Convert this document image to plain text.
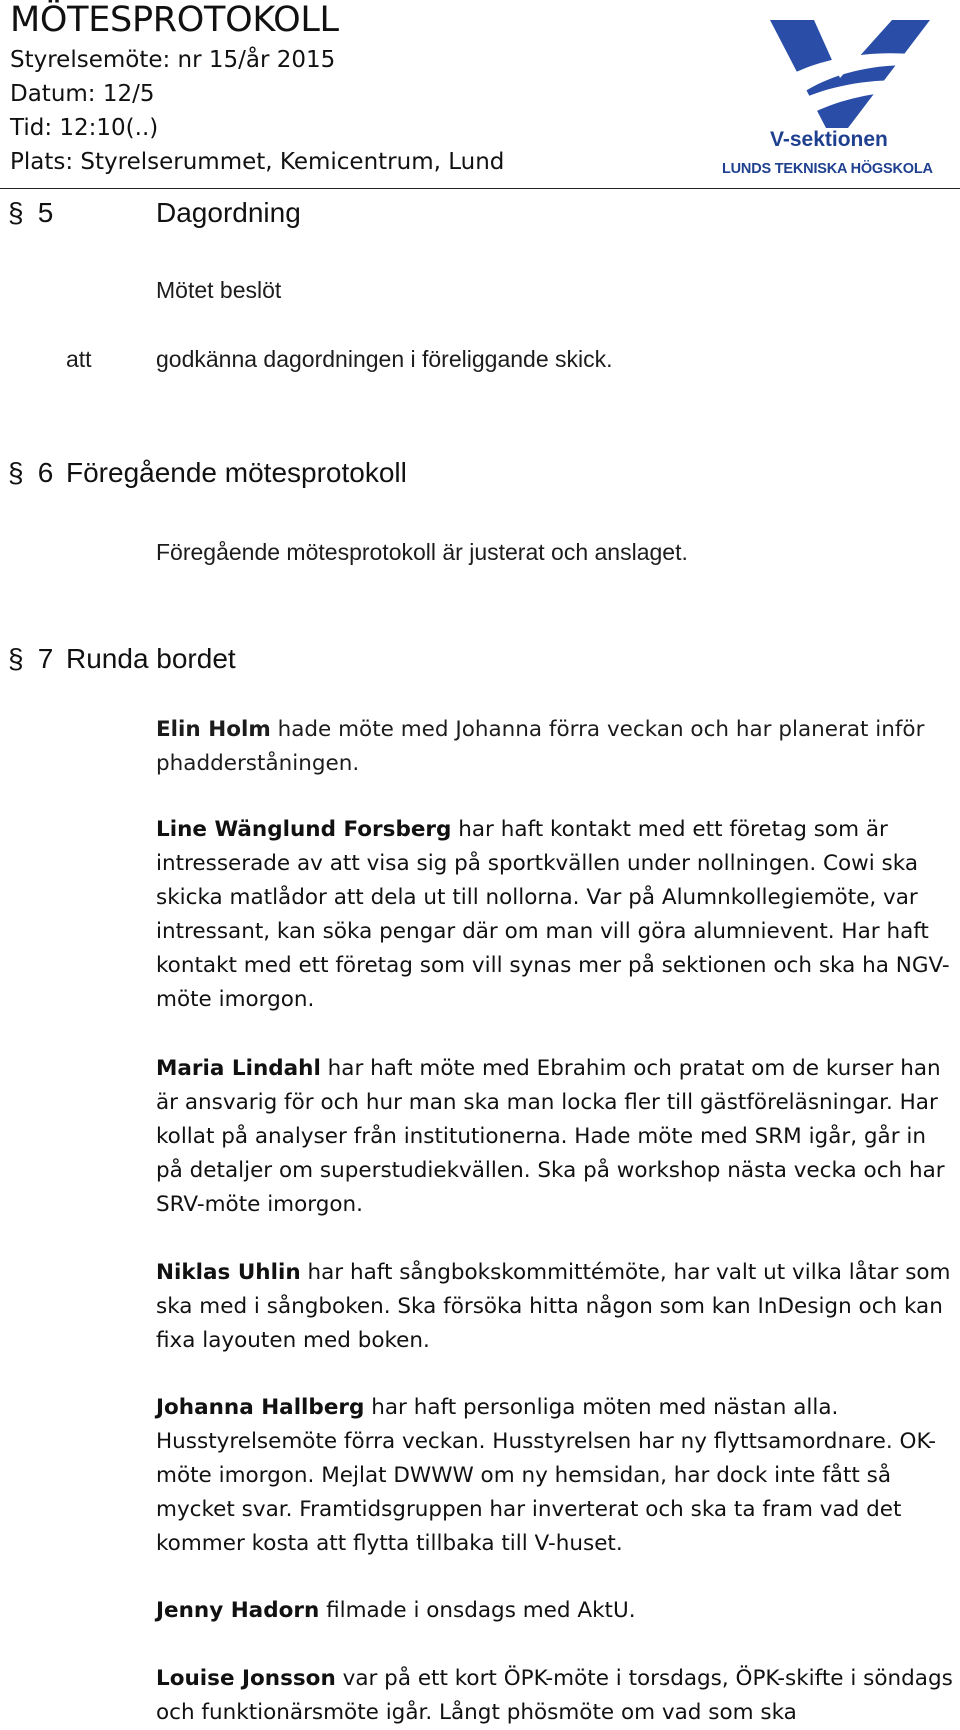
MÖTESPROTOKOLL
Styrelsemöte: nr 15/år 2015
Datum: 12/5
Tid: 12:10(..)
Plats: Styrelserummet, Kemicentrum, Lund
V-sektionen
LUNDS TEKNISKA HÖGSKOLA
§ 5	Dagordning
Mötet beslöt
att	godkänna dagordningen i föreliggande skick.
§ 6 Föregående mötesprotokoll
Föregående mötesprotokoll är justerat och anslaget.
§ 7 Runda bordet
Elin Holm hade möte med Johanna förra veckan och har planerat inför phadderståningen.
Line Wänglund Forsberg har haft kontakt med ett företag som är intresserade av att visa sig på sportkvällen under nollningen. Cowi ska skicka matlådor att dela ut till nollorna. Var på Alumnkollegiemöte, var intressant, kan söka pengar där om man vill göra alumnievent. Har haft kontakt med ett företag som vill synas mer på sektionen och ska ha NGV-möte imorgon.
Maria Lindahl har haft möte med Ebrahim och pratat om de kurser han är ansvarig för och hur man ska man locka fler till gästföreläsningar. Har kollat på analyser från institutionerna. Hade möte med SRM igår, går in på detaljer om superstudiekvällen. Ska på workshop nästa vecka och har SRV-möte imorgon.
Niklas Uhlin har haft sångbokskommittémöte, har valt ut vilka låtar som ska med i sångboken. Ska försöka hitta någon som kan InDesign och kan fixa layouten med boken.
Johanna Hallberg har haft personliga möten med nästan alla. Husstyrelsemöte förra veckan. Husstyrelsen har ny flyttsamordnare. OK-möte imorgon. Mejlat DWWW om ny hemsidan, har dock inte fått så mycket svar. Framtidsgruppen har inverterat och ska ta fram vad det kommer kosta att flytta tillbaka till V-huset.
Jenny Hadorn filmade i onsdags med AktU.
Louise Jonsson var på ett kort ÖPK-möte i torsdags, ÖPK-skifte i söndags och funktionärsmöte igår. Långt phösmöte om vad som ska
